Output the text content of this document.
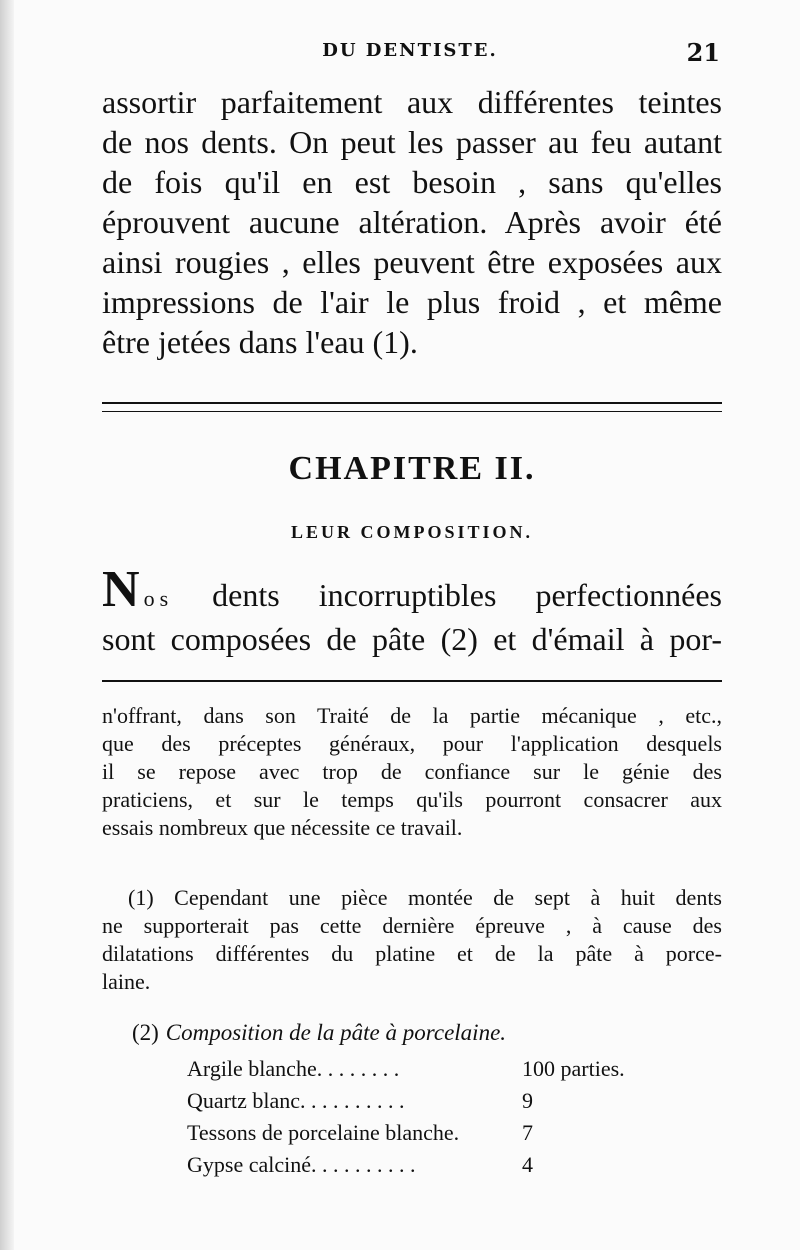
DU DENTISTE.	21
assortir parfaitement aux différentes teintes
de nos dents. On peut les passer au feu autant
de fois qu'il en est besoin , sans qu'elles
éprouvent aucune altération. Après avoir été
ainsi rougies , elles peuvent être exposées aux
impressions de l'air le plus froid , et même
être jetées dans l'eau (1).
CHAPITRE II.
LEUR COMPOSITION.
Nos dents incorruptibles perfectionnées
sont composées de pâte (2) et d'émail à por-
n'offrant, dans son Traité de la partie mécanique , etc.,
que des préceptes généraux, pour l'application desquels
il se repose avec trop de confiance sur le génie des
praticiens, et sur le temps qu'ils pourront consacrer aux
essais nombreux que nécessite ce travail.
(1) Cependant une pièce montée de sept à huit dents
ne supporterait pas cette dernière épreuve , à cause des
dilatations différentes du platine et de la pâte à porce-
laine.
(2) Composition de la pâte à porcelaine.
Argile blanche. . . . . . . .	100 parties.
Quartz blanc. . . . . . . . . .	9
Tessons de porcelaine blanche.	7
Gypse calciné. . . . . . . . . .	4
